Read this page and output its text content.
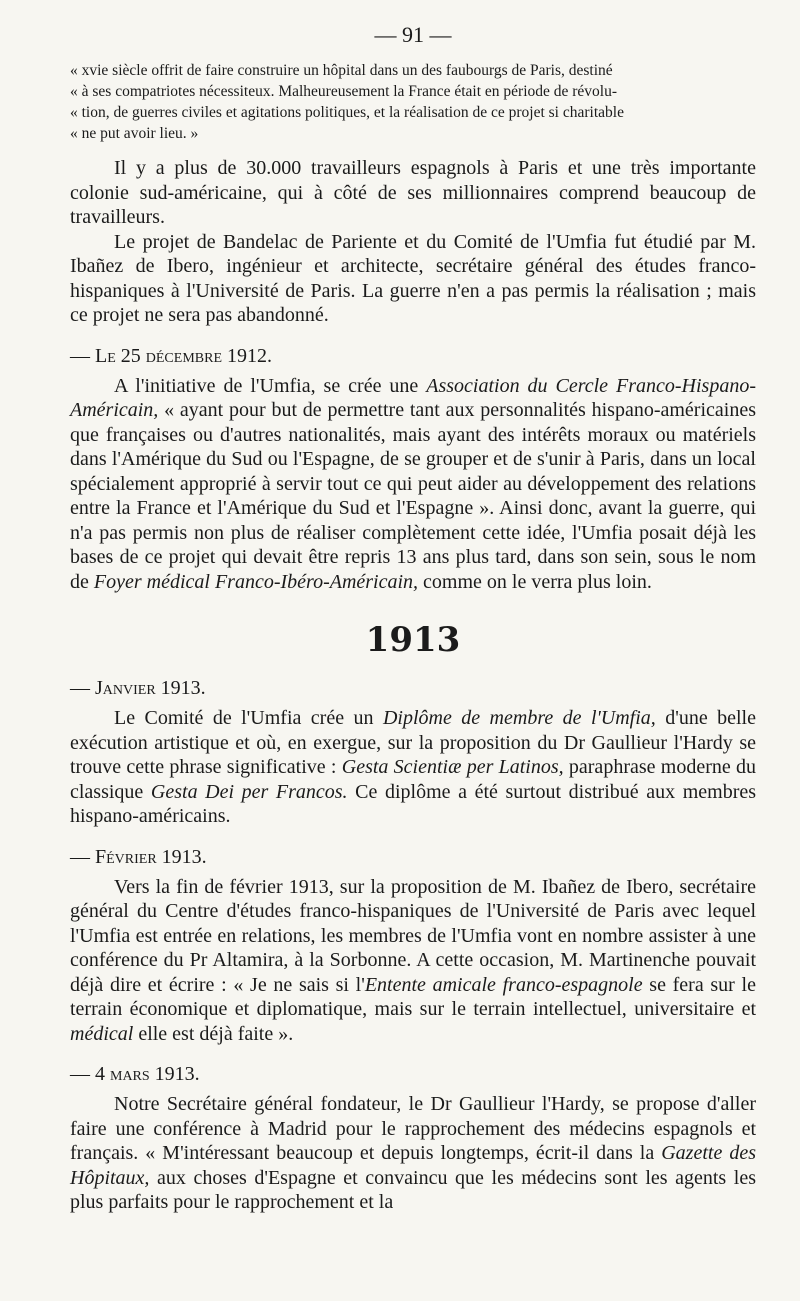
— 91 —

« xvie siècle offrit de faire construire un hôpital dans un des faubourgs de Paris, destiné

« à ses compatriotes nécessiteux. Malheureusement la France était en période de révolu-

« tion, de guerres civiles et agitations politiques, et la réalisation de ce projet si charitable

« ne put avoir lieu. »

Il y a plus de 30.000 travailleurs espagnols à Paris et une très importante colonie sud-américaine, qui à côté de ses millionnaires comprend beaucoup de travailleurs.

Le projet de Bandelac de Pariente et du Comité de l'Umfia fut étudié par M. Ibañez de Ibero, ingénieur et architecte, secrétaire général des études franco-hispaniques à l'Université de Paris. La guerre n'en a pas permis la réalisation ; mais ce projet ne sera pas abandonné.

— Le 25 décembre 1912.

A l'initiative de l'Umfia, se crée une Association du Cercle Franco-Hispano-Américain, « ayant pour but de permettre tant aux personnalités hispano-américaines que françaises ou d'autres nationalités, mais ayant des intérêts moraux ou matériels dans l'Amérique du Sud ou l'Espagne, de se grouper et de s'unir à Paris, dans un local spécialement approprié à servir tout ce qui peut aider au développement des relations entre la France et l'Amérique du Sud et l'Espagne ». Ainsi donc, avant la guerre, qui n'a pas permis non plus de réaliser complètement cette idée, l'Umfia posait déjà les bases de ce projet qui devait être repris 13 ans plus tard, dans son sein, sous le nom de Foyer médical Franco-Ibéro-Américain, comme on le verra plus loin.

1913
— Janvier 1913.

Le Comité de l'Umfia crée un Diplôme de membre de l'Umfia, d'une belle exécution artistique et où, en exergue, sur la proposition du Dr Gaullieur l'Hardy se trouve cette phrase significative : Gesta Scientiæ per Latinos, paraphrase moderne du classique Gesta Dei per Francos. Ce diplôme a été surtout distribué aux membres hispano-américains.

— Février 1913.

Vers la fin de février 1913, sur la proposition de M. Ibañez de Ibero, secrétaire général du Centre d'études franco-hispaniques de l'Université de Paris avec lequel l'Umfia est entrée en relations, les membres de l'Umfia vont en nombre assister à une conférence du Pr Altamira, à la Sorbonne. A cette occasion, M. Martinenche pouvait déjà dire et écrire : « Je ne sais si l'Entente amicale franco-espagnole se fera sur le terrain économique et diplomatique, mais sur le terrain intellectuel, universitaire et médical elle est déjà faite ».

— 4 mars 1913.

Notre Secrétaire général fondateur, le Dr Gaullieur l'Hardy, se propose d'aller faire une conférence à Madrid pour le rapprochement des médecins espagnols et français. « M'intéressant beaucoup et depuis longtemps, écrit-il dans la Gazette des Hôpitaux, aux choses d'Espagne et convaincu que les médecins sont les agents les plus parfaits pour le rapprochement et la
